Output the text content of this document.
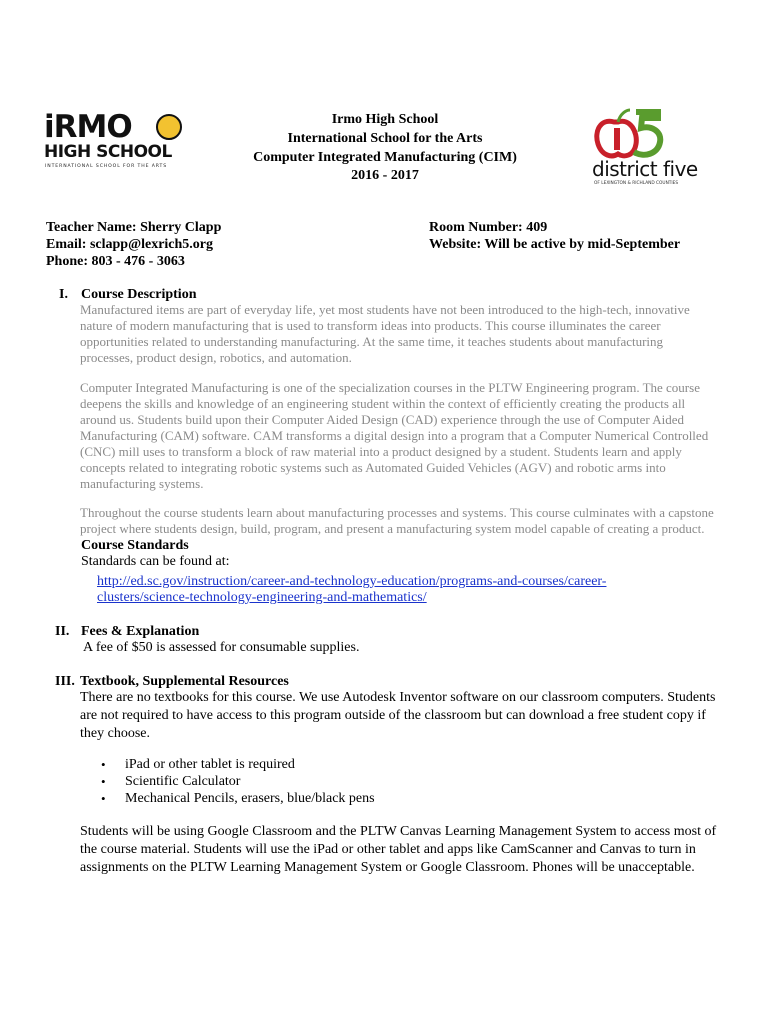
iRMO
HIGH SCHOOL
INTERNATIONAL SCHOOL FOR THE ARTS	district five
OF LEXINGTON & RICHLAND COUNTIES
Irmo High School
International School for the Arts
Computer Integrated Manufacturing (CIM)
2016 - 2017
Teacher Name: Sherry Clapp
Email: sclapp@lexrich5.org
Phone: 803 - 476 - 3063
Room Number: 409
Website: Will be active by mid-September
I. Course Description
Manufactured items are part of everyday life, yet most students have not been introduced to the high-tech, innovative
nature of modern manufacturing that is used to transform ideas into products. This course illuminates the career
opportunities related to understanding manufacturing. At the same time, it teaches students about manufacturing
processes, product design, robotics, and automation.
Computer Integrated Manufacturing is one of the specialization courses in the PLTW Engineering program. The course
deepens the skills and knowledge of an engineering student within the context of efficiently creating the products all
around us. Students build upon their Computer Aided Design (CAD) experience through the use of Computer Aided
Manufacturing (CAM) software. CAM transforms a digital design into a program that a Computer Numerical Controlled
(CNC) mill uses to transform a block of raw material into a product designed by a student. Students learn and apply
concepts related to integrating robotic systems such as Automated Guided Vehicles (AGV) and robotic arms into
manufacturing systems.
Throughout the course students learn about manufacturing processes and systems. This course culminates with a capstone
project where students design, build, program, and present a manufacturing system model capable of creating a product.
Course Standards
Standards can be found at:
http://ed.sc.gov/instruction/career-and-technology-education/programs-and-courses/career-
clusters/science-technology-engineering-and-mathematics/
II. Fees & Explanation
A fee of $50 is assessed for consumable supplies.
III. Textbook, Supplemental Resources
There are no textbooks for this course. We use Autodesk Inventor software on our classroom computers. Students
are not required to have access to this program outside of the classroom but can download a free student copy if
they choose.
• iPad or other tablet is required
• Scientific Calculator
• Mechanical Pencils, erasers, blue/black pens
Students will be using Google Classroom and the PLTW Canvas Learning Management System to access most of
the course material. Students will use the iPad or other tablet and apps like CamScanner and Canvas to turn in
assignments on the PLTW Learning Management System or Google Classroom. Phones will be unacceptable.
